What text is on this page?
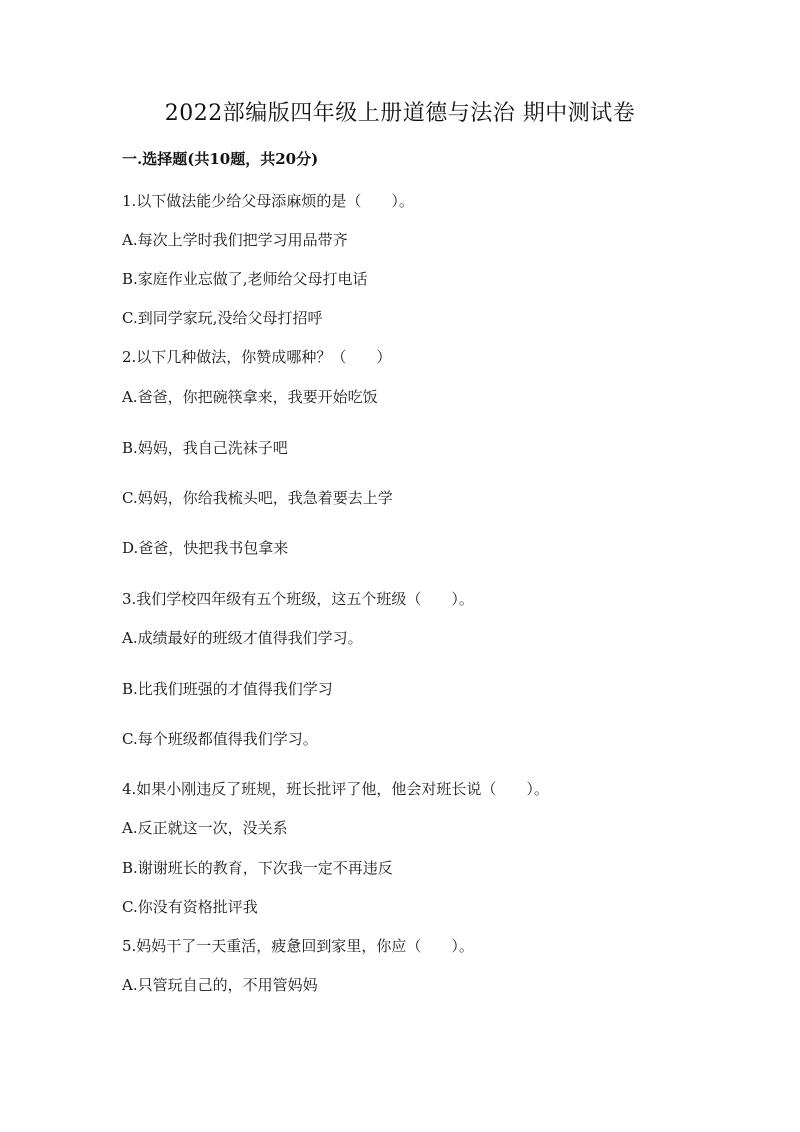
2022部编版四年级上册道德与法治 期中测试卷
一.选择题(共10题，共20分)
1.以下做法能少给父母添麻烦的是（　　）。
A.每次上学时我们把学习用品带齐
B.家庭作业忘做了,老师给父母打电话
C.到同学家玩,没给父母打招呼
2.以下几种做法，你赞成哪种？（　　）
A.爸爸，你把碗筷拿来，我要开始吃饭
B.妈妈，我自己洗袜子吧
C.妈妈，你给我梳头吧，我急着要去上学
D.爸爸，快把我书包拿来
3.我们学校四年级有五个班级，这五个班级（　　）。
A.成绩最好的班级才值得我们学习。
B.比我们班强的才值得我们学习
C.每个班级都值得我们学习。
4.如果小刚违反了班规，班长批评了他，他会对班长说（　　）。
A.反正就这一次，没关系
B.谢谢班长的教育，下次我一定不再违反
C.你没有资格批评我
5.妈妈干了一天重活，疲惫回到家里，你应（　　）。
A.只管玩自己的，不用管妈妈
